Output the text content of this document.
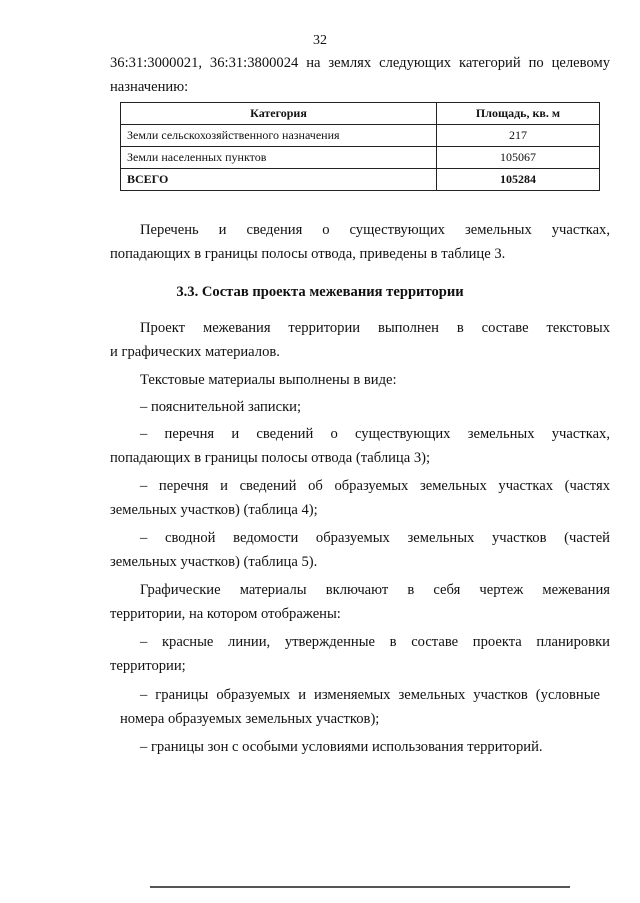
32
36:31:3000021, 36:31:3800024 на землях следующих категорий по целевому
назначению:
Категория	Площадь, кв. м
Земли сельскохозяйственного назначения	217
Земли населенных пунктов	105067
ВСЕГО	105284
Перечень и сведения о существующих земельных участках,
попадающих в границы полосы отвода, приведены в таблице 3.
3.3. Состав проекта межевания территории
Проект межевания территории выполнен в составе текстовых
и графических материалов.
Текстовые материалы выполнены в виде:
– пояснительной записки;
– перечня и сведений о существующих земельных участках,
попадающих в границы полосы отвода (таблица 3);
– перечня и сведений об образуемых земельных участках (частях
земельных участков) (таблица 4);
– сводной ведомости образуемых земельных участков (частей
земельных участков) (таблица 5).
Графические материалы включают в себя чертеж межевания
территории, на котором отображены:
– красные линии, утвержденные в составе проекта планировки
территории;
– границы образуемых и изменяемых земельных участков (условные
номера образуемых земельных участков);
– границы зон с особыми условиями использования территорий.
